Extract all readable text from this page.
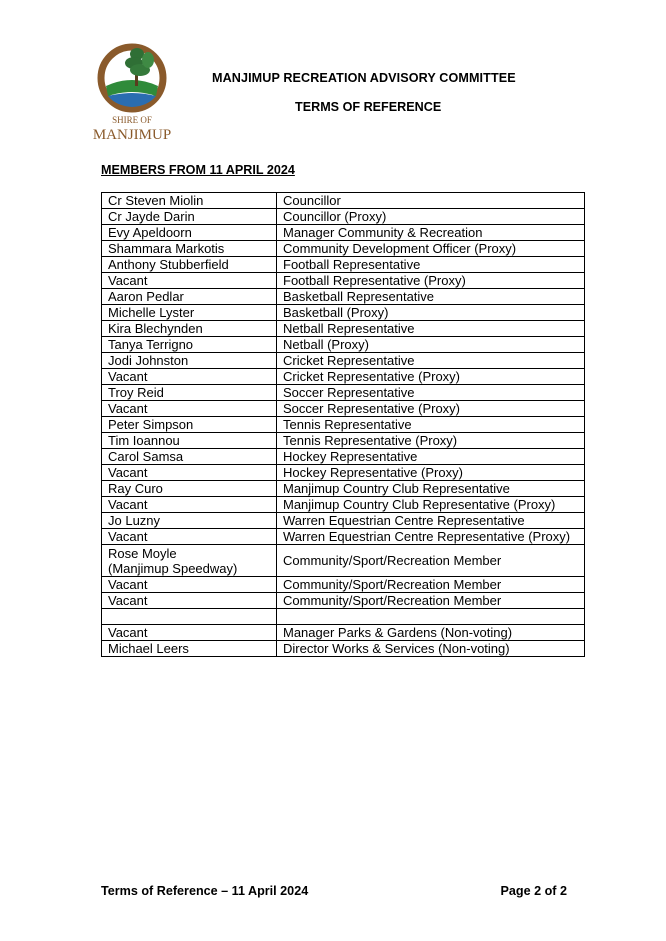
SHIRE OF
MANJIMUP
MANJIMUP RECREATION ADVISORY COMMITTEE
TERMS OF REFERENCE
MEMBERS FROM 11 APRIL 2024
Cr Steven Miolin	Councillor
Cr Jayde Darin	Councillor (Proxy)
Evy Apeldoorn	Manager Community & Recreation
Shammara Markotis	Community Development Officer (Proxy)
Anthony Stubberfield	Football Representative
Vacant	Football Representative (Proxy)
Aaron Pedlar	Basketball Representative
Michelle Lyster	Basketball (Proxy)
Kira Blechynden	Netball Representative
Tanya Terrigno	Netball (Proxy)
Jodi Johnston	Cricket Representative
Vacant	Cricket Representative (Proxy)
Troy Reid	Soccer Representative
Vacant	Soccer Representative (Proxy)
Peter Simpson	Tennis Representative
Tim Ioannou	Tennis Representative (Proxy)
Carol Samsa	Hockey Representative
Vacant	Hockey Representative (Proxy)
Ray Curo	Manjimup Country Club Representative
Vacant	Manjimup Country Club Representative (Proxy)
Jo Luzny	Warren Equestrian Centre Representative
Vacant	Warren Equestrian Centre Representative (Proxy)
Rose Moyle
(Manjimup Speedway)	Community/Sport/Recreation Member
Vacant	Community/Sport/Recreation Member
Vacant	Community/Sport/Recreation Member

Vacant	Manager Parks & Gardens (Non-voting)
Michael Leers	Director Works & Services (Non-voting)
Terms of Reference – 11 April 2024	Page 2 of 2
